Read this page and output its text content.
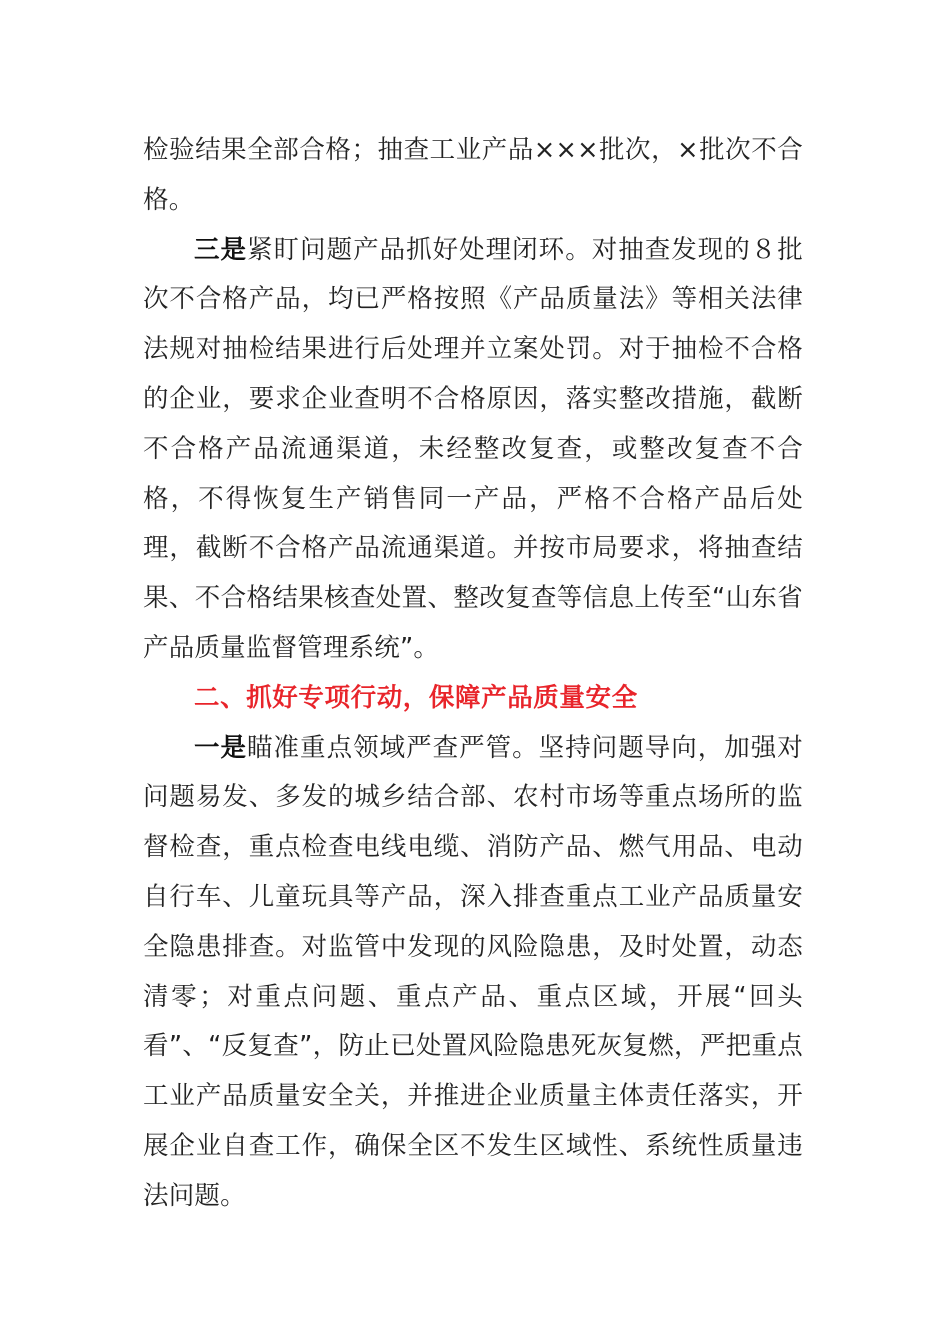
检验结果全部合格；抽查工业产品×××批次，×批次不合格。

三是紧盯问题产品抓好处理闭环。对抽查发现的８批次不合格产品，均已严格按照《产品质量法》等相关法律法规对抽检结果进行后处理并立案处罚。对于抽检不合格的企业，要求企业查明不合格原因，落实整改措施，截断不合格产品流通渠道，未经整改复查，或整改复查不合格，不得恢复生产销售同一产品，严格不合格产品后处理，截断不合格产品流通渠道。并按市局要求，将抽查结果、不合格结果核查处置、整改复查等信息上传至“山东省产品质量监督管理系统”。

二、抓好专项行动，保障产品质量安全

一是瞄准重点领域严查严管。坚持问题导向，加强对问题易发、多发的城乡结合部、农村市场等重点场所的监督检查，重点检查电线电缆、消防产品、燃气用品、电动自行车、儿童玩具等产品，深入排查重点工业产品质量安全隐患排查。对监管中发现的风险隐患，及时处置，动态清零；对重点问题、重点产品、重点区域，开展“回头看”、“反复查”，防止已处置风险隐患死灰复燃，严把重点工业产品质量安全关，并推进企业质量主体责任落实，开展企业自查工作，确保全区不发生区域性、系统性质量违法问题。
